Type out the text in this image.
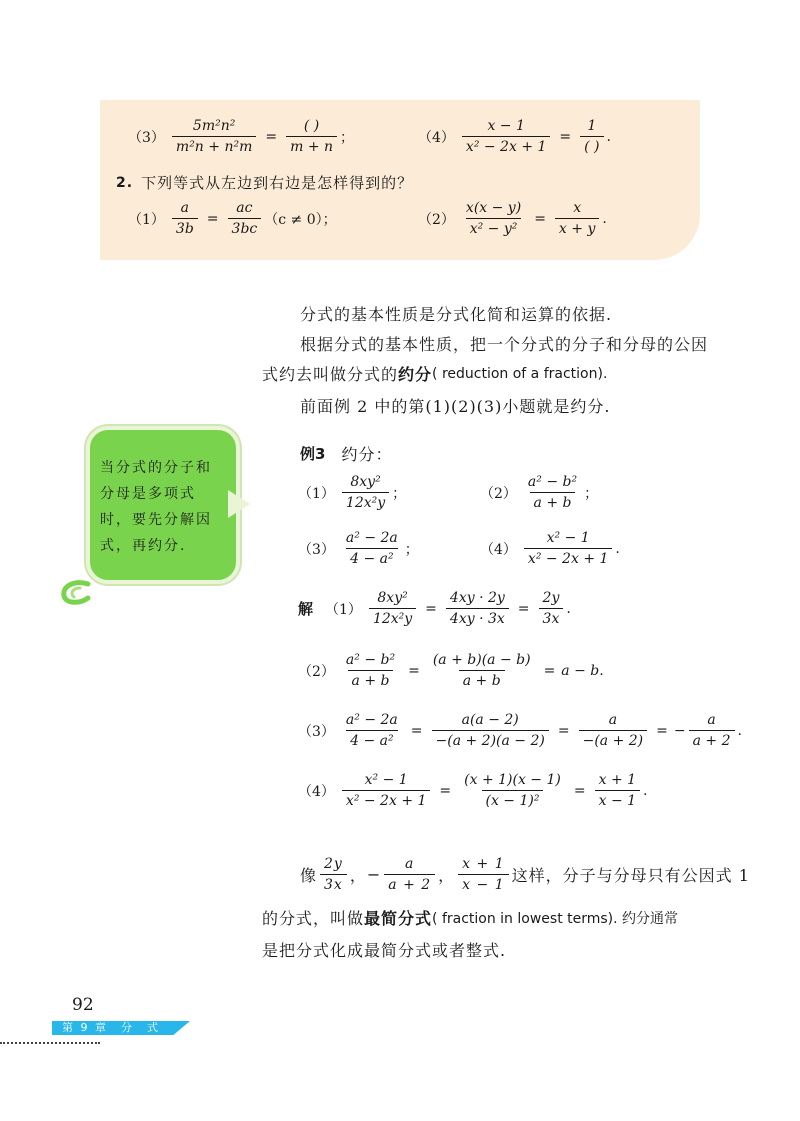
$(3) \frac{\text{5m²n²}}{\text{m²n + n²m}} = \frac{( )}{m + n}$ ；	$(4) \frac{x - 1}{\text{x² − 2x + 1}} = \frac{1}{( )}$ .
2. 下列等式从左边到右边是怎样得到的？
$(1) \frac{a}{3b} = \frac{ac}{3bc} (c \ne 0)$；	$(2) \frac{x(x - y)}{\text{x² − y²}} = \frac{x}{x + y}$ .
分式的基本性质是分式化简和运算的依据.
根据分式的基本性质，把一个分式的分子和分母的公因
式约去叫做分式的 约分 ( reduction of a fraction).
前面例 2 中的第(1)(2)(3)小题就是约分.
当分式的分子和分母是多项式时，要先分解因式，再约分.
例3 约分：
$(1) \frac{\text{8xy²}}{\text{12x²y}}$ ；	$(2) \frac{\text{a² − b²}}{a + b}$ ；
$(3) \frac{\text{a² − 2a}}{\text{4 − a²}}$ ；	$(4) \frac{\text{x² − 1}}{\text{x² − 2x + 1}}$ .
解 $(1) \frac{\text{8xy²}}{\text{12x²y}} = \frac{4xy \cdot 2y}{4xy \cdot 3x} = \frac{2y}{3x}$ .
$(2) \frac{\text{a² − b²}}{a + b} = \frac{(a + b)(a - b)}{a + b} = a - b$.
$(3) \frac{\text{a² − 2a}}{\text{4 − a²}} = \frac{a(a - 2)}{-(a + 2)(a - 2)} = \frac{a}{-(a + 2)}$ = − $\frac{a}{a + 2}$ .
$(4) \frac{\text{x² − 1}}{\text{x² − 2x + 1}} = \frac{(x + 1)(x - 1)}{\text{(x − 1)²}} = \frac{x + 1}{x - 1}$ .
像 $\frac{2y}{3x}$ ， − $\frac{a}{a + 2}$ ， $\frac{x + 1}{x - 1}$ 这样，分子与分母只有公因式 1
的分式，叫做 最简分式 ( fraction in lowest terms). 约分通常
是把分式化成最简分式或者整式.
92
第 9 章　分　式
